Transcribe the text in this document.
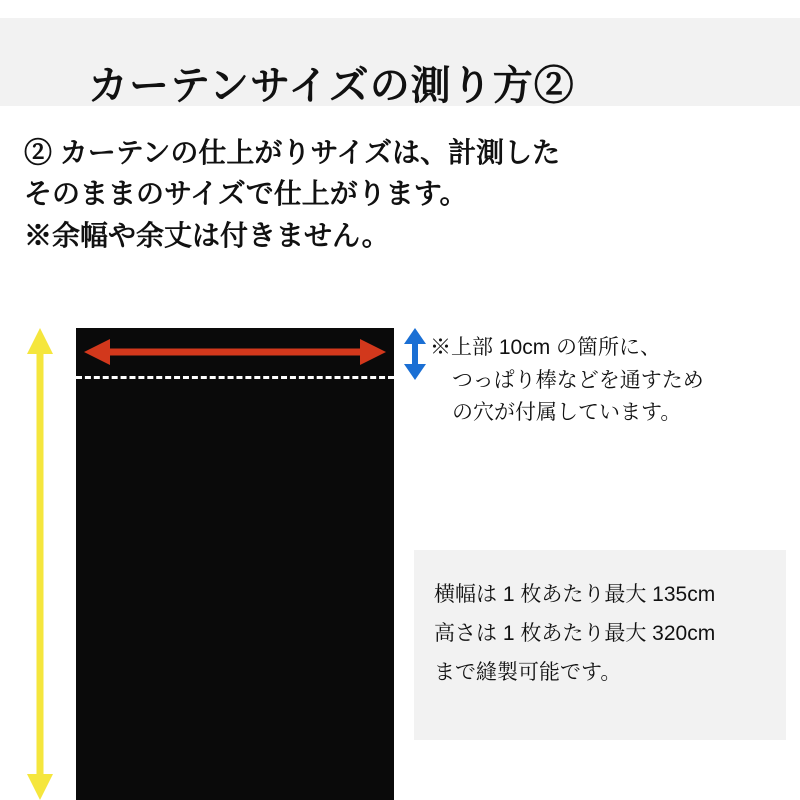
カーテンサイズの測り方②
② カーテンの仕上がりサイズは、計測した
そのままのサイズで仕上がります。
※余幅や余丈は付きません。
※上部 10cm の箇所に、
つっぱり棒などを通すため
の穴が付属しています。
横幅は 1 枚あたり最大 135cm
高さは 1 枚あたり最大 320cm
まで縫製可能です。
